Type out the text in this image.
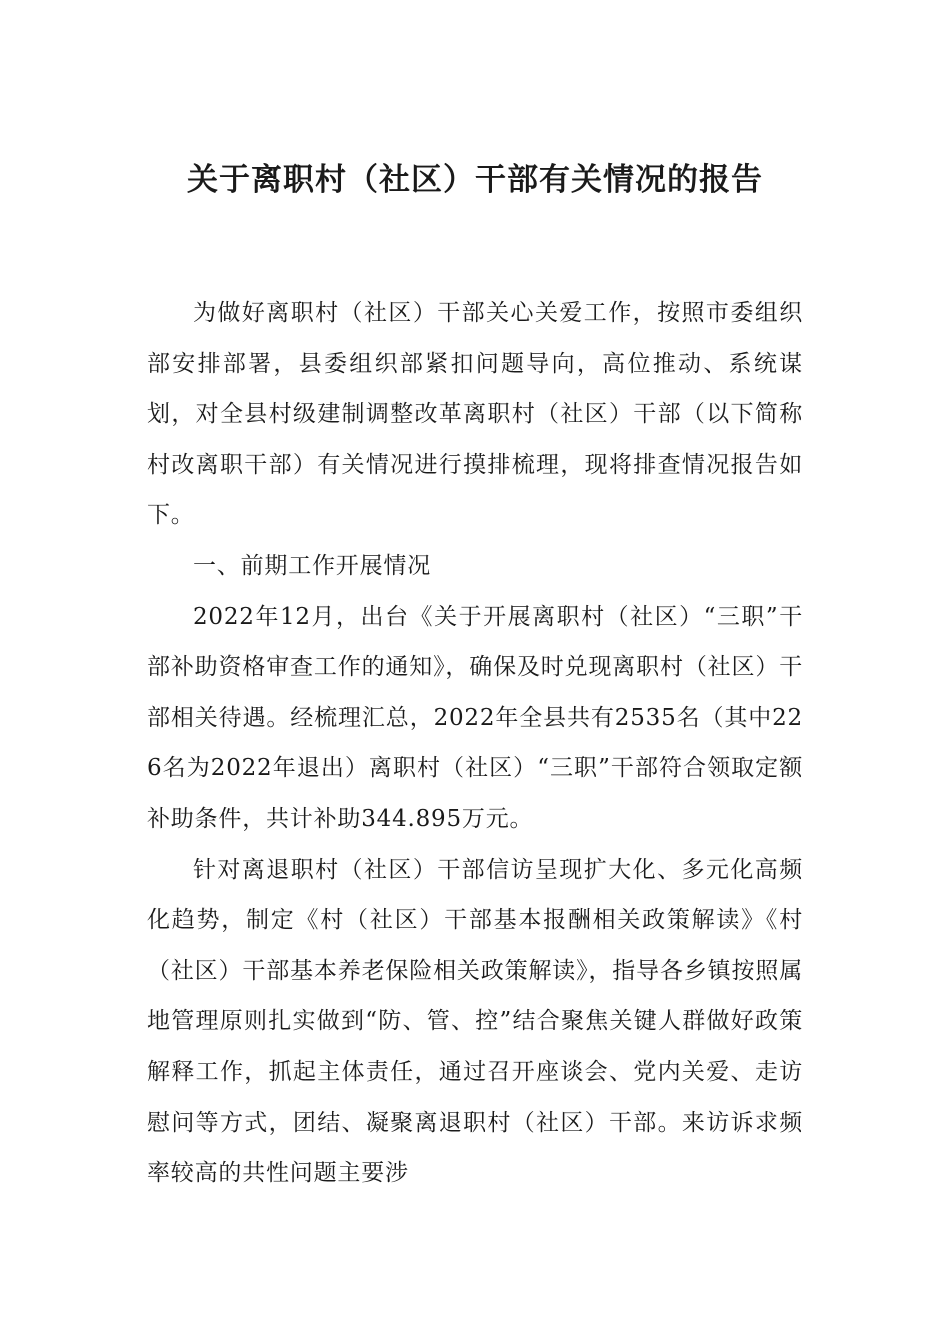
关于离职村（社区）干部有关情况的报告

为做好离职村（社区）干部关心关爱工作，按照市委组织部安排部署，县委组织部紧扣问题导向，高位推动、系统谋划，对全县村级建制调整改革离职村（社区）干部（以下简称村改离职干部）有关情况进行摸排梳理，现将排查情况报告如下。

一、前期工作开展情况

2022年12月，出台《关于开展离职村（社区）“三职”干部补助资格审查工作的通知》，确保及时兑现离职村（社区）干部相关待遇。经梳理汇总，2022年全县共有2535名（其中226名为2022年退出）离职村（社区）“三职”干部符合领取定额补助条件，共计补助344.895万元。

针对离退职村（社区）干部信访呈现扩大化、多元化高频化趋势，制定《村（社区）干部基本报酬相关政策解读》《村（社区）干部基本养老保险相关政策解读》，指导各乡镇按照属地管理原则扎实做到“防、管、控”结合聚焦关键人群做好政策解释工作，抓起主体责任，通过召开座谈会、党内关爱、走访慰问等方式，团结、凝聚离退职村（社区）干部。来访诉求频率较高的共性问题主要涉
